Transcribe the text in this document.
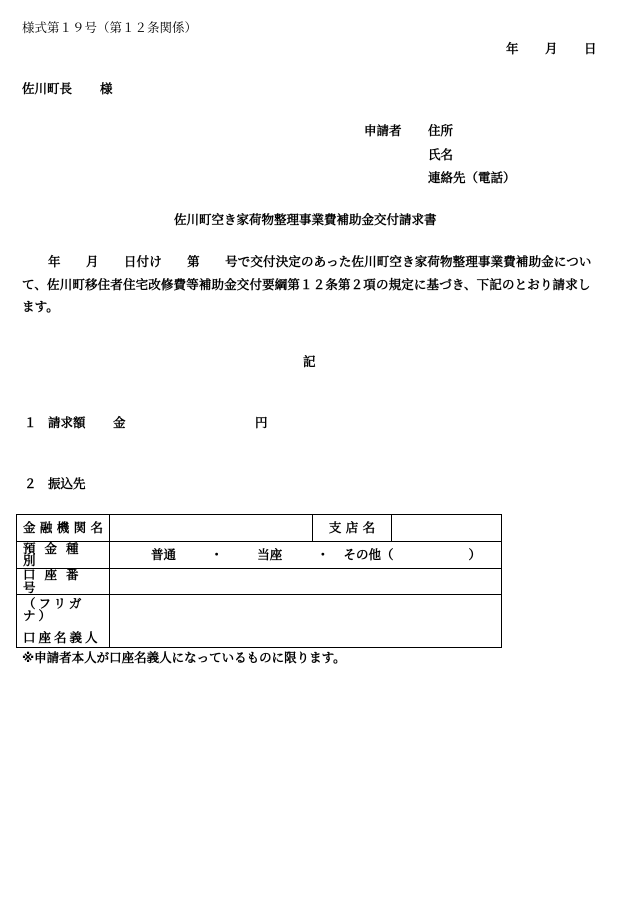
様式第１９号（第１２条関係）
年 月 日
佐川町長 様
申請者 住所
氏名
連絡先（電話）
佐川町空き家荷物整理事業費補助金交付請求書
年　　月　　日付け　　第　　号で交付決定のあった佐川町空き家荷物整理事業費補助金について、佐川町移住者住宅改修費等補助金交付要綱第１２条第２項の規定に基づき、下記のとおり請求します。
記
１ 請求額 金	円
２ 振込先
金 融 機 関 名		支 店 名	

預金種別	普通 ・ 当座 ・ その他（　　　　　　）		

口座番号			

（フリガナ）
口座名義人			

※申請者本人が口座名義人になっているものに限ります。
